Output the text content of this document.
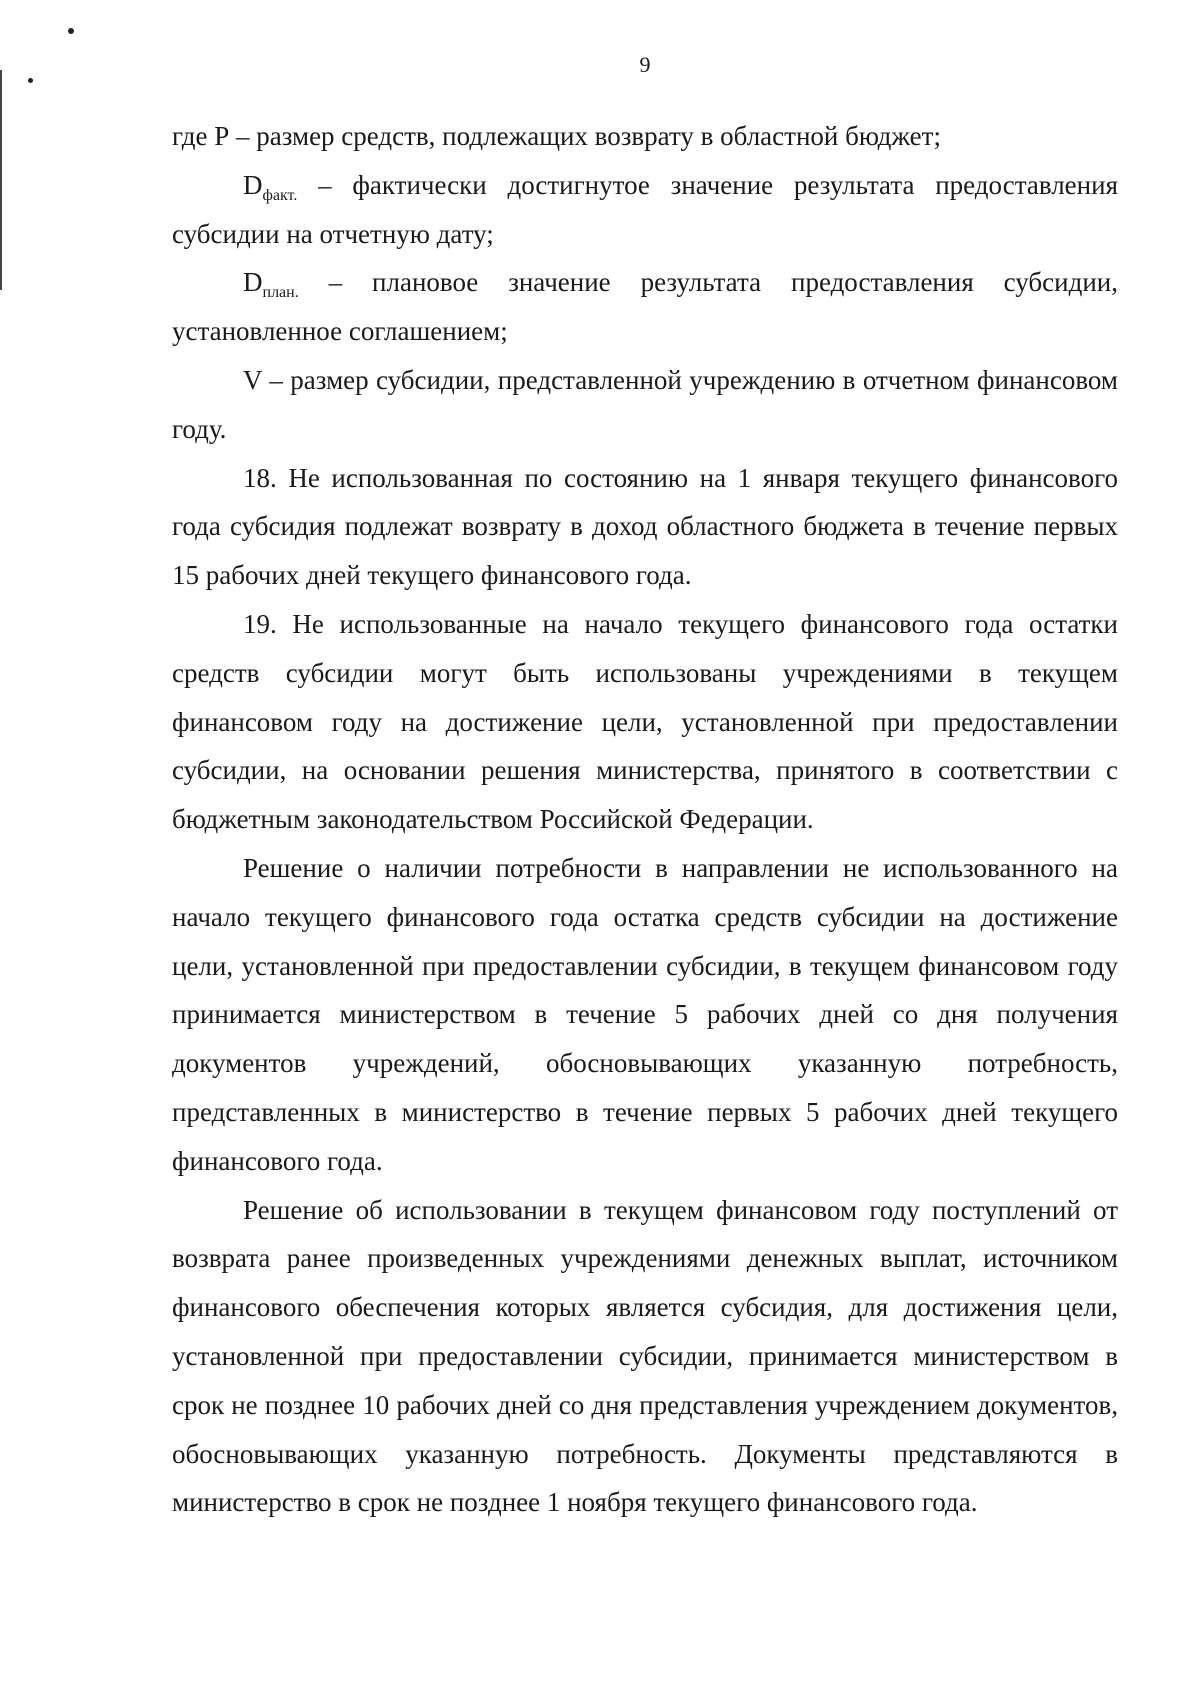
9

где Р – размер средств, подлежащих возврату в областной бюджет;

$D_{факт.}$ – фактически достигнутое значение результата предоставления субсидии на отчетную дату;

$D_{план.}$ – плановое значение результата предоставления субсидии, установленное соглашением;

V – размер субсидии, представленной учреждению в отчетном финансовом году.

18. Не использованная по состоянию на 1 января текущего финансового года субсидия подлежат возврату в доход областного бюджета в течение первых 15 рабочих дней текущего финансового года.

19. Не использованные на начало текущего финансового года остатки средств субсидии могут быть использованы учреждениями в текущем финансовом году на достижение цели, установленной при предоставлении субсидии, на основании решения министерства, принятого в соответствии с бюджетным законодательством Российской Федерации.

Решение о наличии потребности в направлении не использованного на начало текущего финансового года остатка средств субсидии на достижение цели, установленной при предоставлении субсидии, в текущем финансовом году принимается министерством в течение 5 рабочих дней со дня получения документов учреждений, обосновывающих указанную потребность, представленных в министерство в течение первых 5 рабочих дней текущего финансового года.

Решение об использовании в текущем финансовом году поступлений от возврата ранее произведенных учреждениями денежных выплат, источником финансового обеспечения которых является субсидия, для достижения цели, установленной при предоставлении субсидии, принимается министерством в срок не позднее 10 рабочих дней со дня представления учреждением документов, обосновывающих указанную потребность. Документы представляются в министерство в срок не позднее 1 ноября текущего финансового года.
